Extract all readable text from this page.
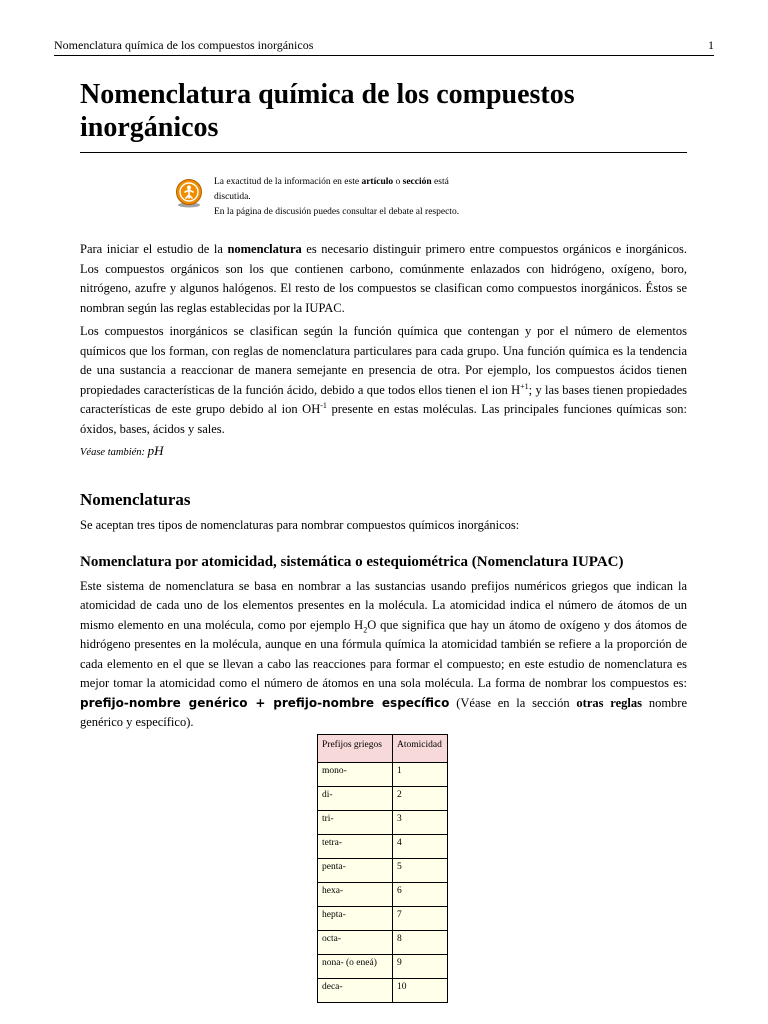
Nomenclatura química de los compuestos inorgánicos	1
Nomenclatura química de los compuestos
inorgánicos

La exactitud de la información en este artículo o sección está

discutida.

En la página de discusión puedes consultar el debate al respecto.

Para iniciar el estudio de la nomenclatura es necesario distinguir primero entre compuestos orgánicos e inorgánicos. Los compuestos orgánicos son los que contienen carbono, comúnmente enlazados con hidrógeno, oxígeno, boro, nitrógeno, azufre y algunos halógenos. El resto de los compuestos se clasifican como compuestos inorgánicos. Éstos se nombran según las reglas establecidas por la IUPAC.

Los compuestos inorgánicos se clasifican según la función química que contengan y por el número de elementos químicos que los forman, con reglas de nomenclatura particulares para cada grupo. Una función química es la tendencia de una sustancia a reaccionar de manera semejante en presencia de otra. Por ejemplo, los compuestos ácidos tienen propiedades características de la función ácido, debido a que todos ellos tienen el ion $H^{+1}$; y las bases tienen propiedades características de este grupo debido al ion $OH^{-1}$ presente en estas moléculas. Las principales funciones químicas son: óxidos, bases, ácidos y sales.

Véase también: pH
Nomenclaturas

Se aceptan tres tipos de nomenclaturas para nombrar compuestos químicos inorgánicos:

Nomenclatura por atomicidad, sistemática o estequiométrica (Nomenclatura IUPAC)

Este sistema de nomenclatura se basa en nombrar a las sustancias usando prefijos numéricos griegos que indican la atomicidad de cada uno de los elementos presentes en la molécula. La atomicidad indica el número de átomos de un mismo elemento en una molécula, como por ejemplo $H_2O$ que significa que hay un átomo de oxígeno y dos átomos de hidrógeno presentes en la molécula, aunque en una fórmula química la atomicidad también se refiere a la proporción de cada elemento en el que se llevan a cabo las reacciones para formar el compuesto; en este estudio de nomenclatura es mejor tomar la atomicidad como el número de átomos en una sola molécula. La forma de nombrar los compuestos es: prefijo-nombre genérico + prefijo-nombre específico (Véase en la sección otras reglas nombre genérico y específico).

Prefijos griegos	Atomicidad
mono-	1
di-	2
tri-	3
tetra-	4
penta-	5
hexa-	6
hepta-	7
octa-	8
nona- (o eneá)	9
deca-	10
